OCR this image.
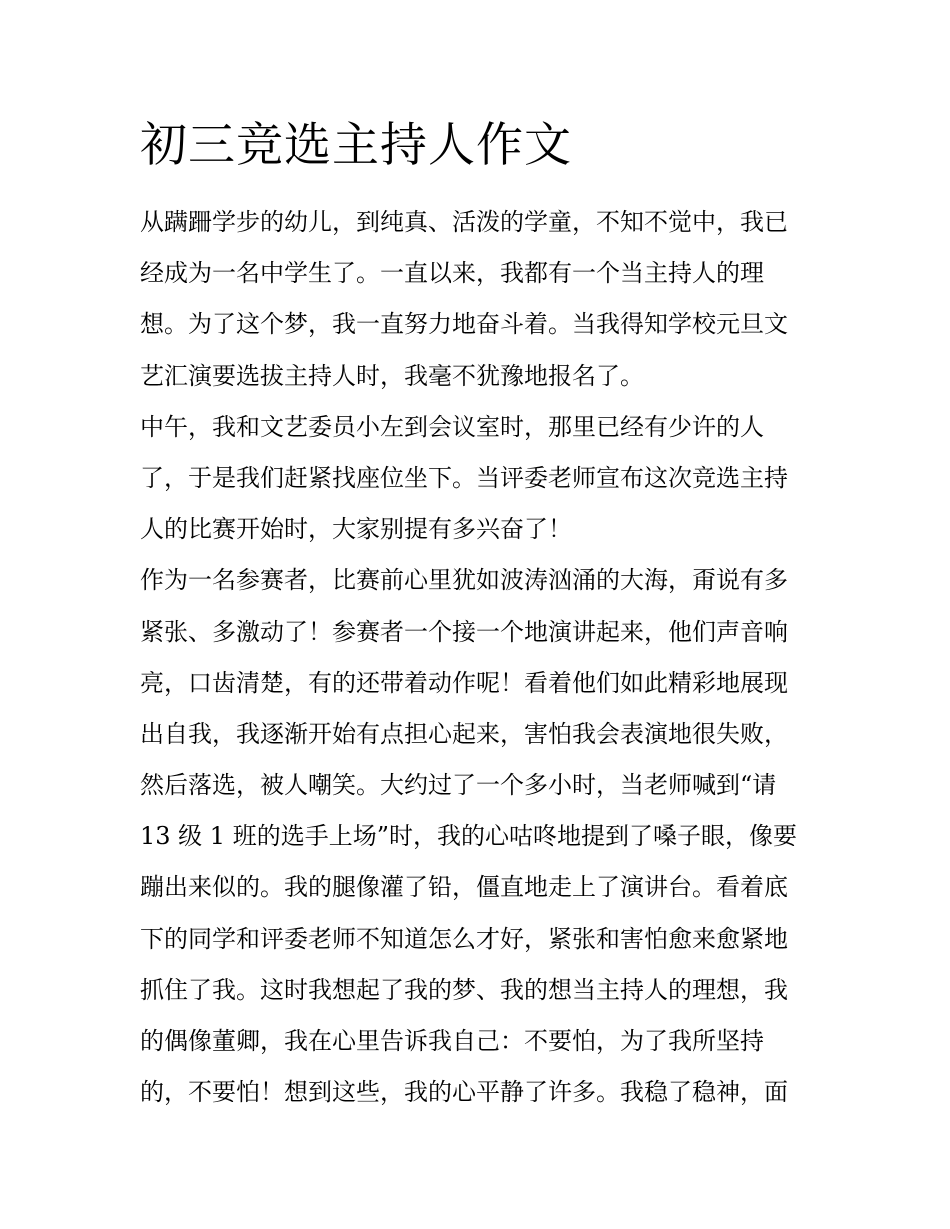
初三竞选主持人作文
从蹒跚学步的幼儿，到纯真、活泼的学童，不知不觉中，我已
经成为一名中学生了。一直以来，我都有一个当主持人的理
想。为了这个梦，我一直努力地奋斗着。当我得知学校元旦文
艺汇演要选拔主持人时，我毫不犹豫地报名了。
中午，我和文艺委员小左到会议室时，那里已经有少许的人
了，于是我们赶紧找座位坐下。当评委老师宣布这次竞选主持
人的比赛开始时，大家别提有多兴奋了！
作为一名参赛者，比赛前心里犹如波涛汹涌的大海，甭说有多
紧张、多激动了！参赛者一个接一个地演讲起来，他们声音响
亮，口齿清楚，有的还带着动作呢！看着他们如此精彩地展现
出自我，我逐渐开始有点担心起来，害怕我会表演地很失败，
然后落选，被人嘲笑。大约过了一个多小时，当老师喊到“请
13 级 1 班的选手上场”时，我的心咕咚地提到了嗓子眼，像要
蹦出来似的。我的腿像灌了铅，僵直地走上了演讲台。看着底
下的同学和评委老师不知道怎么才好，紧张和害怕愈来愈紧地
抓住了我。这时我想起了我的梦、我的想当主持人的理想，我
的偶像董卿，我在心里告诉我自己：不要怕，为了我所坚持
的，不要怕！想到这些，我的心平静了许多。我稳了稳神，面
